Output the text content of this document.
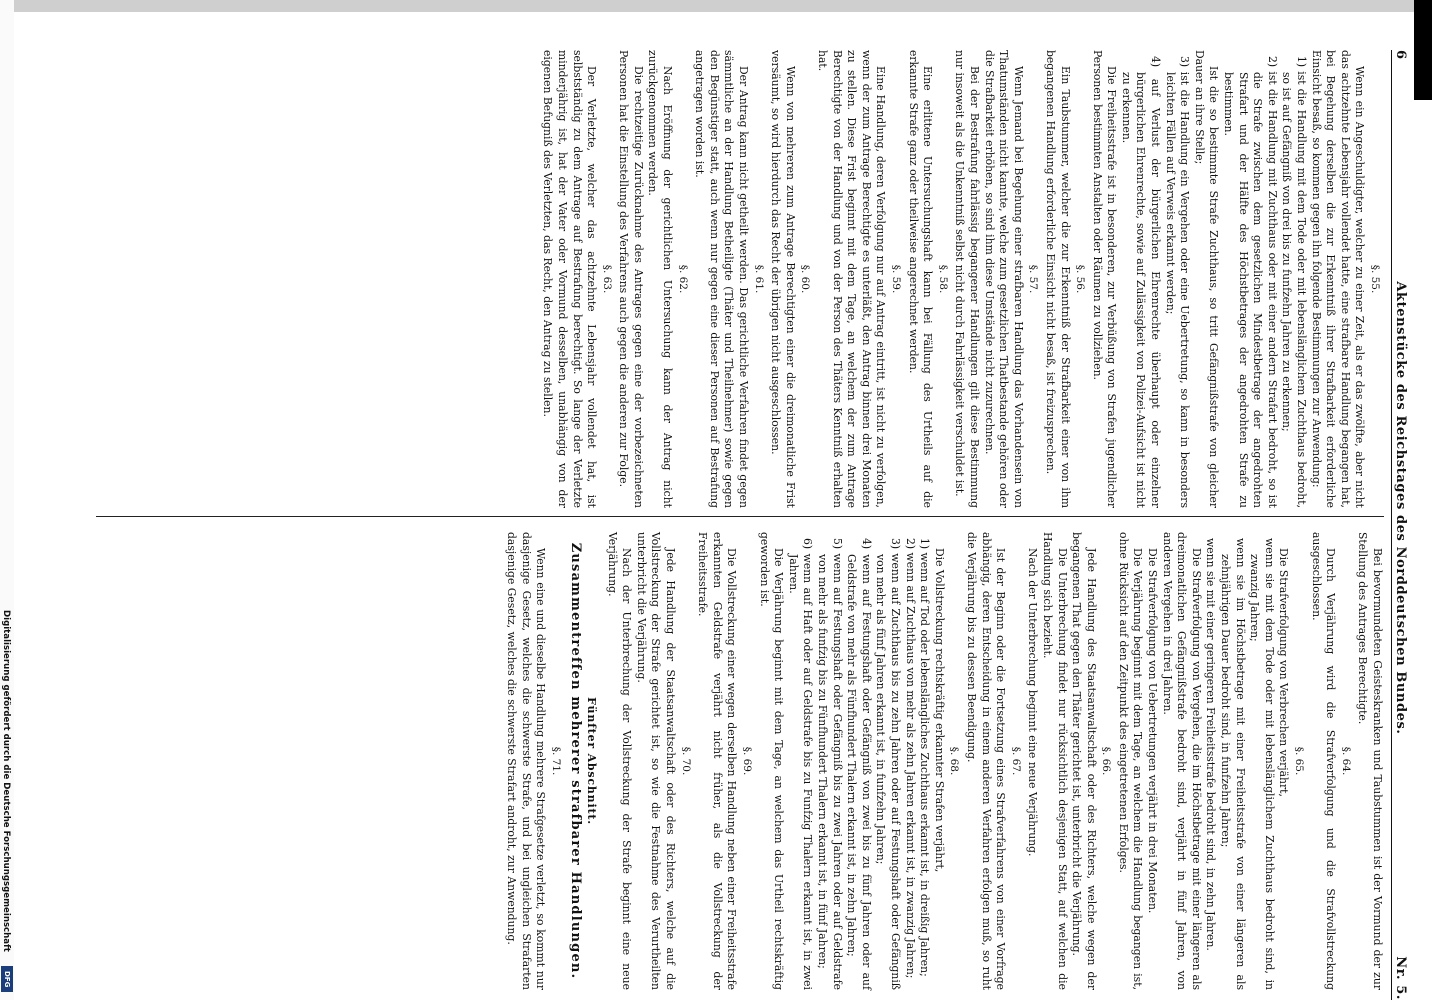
6
Aktenstücke des Reichstages des Norddeutschen Bundes.
Nr. 5.

§. 55.

Wenn ein Angeschuldigter, welcher zu einer Zeit, als er das zwölfte, aber nicht das achtzehnte Lebensjahr vollendet hatte, eine strafbare Handlung begangen hat, bei Begehung derselben die zur Erkenntniß ihrer Strafbarkeit erforderliche Einsicht besaß, so kommen gegen ihn folgende Bestimmungen zur Anwendung:

1) ist die Handlung mit dem Tode oder mit lebenslänglichem Zuchthaus bedroht, so ist auf Gefängniß von drei bis zu funfzehn Jahren zu erkennen;

2) ist die Handlung mit Zuchthaus oder mit einer andern Strafart bedroht, so ist die Strafe zwischen dem gesetzlichen Mindestbetrage der angedrohten Strafart und der Hälfte des Höchstbetrages der angedrohten Strafe zu bestimmen.

Ist die so bestimmte Strafe Zuchthaus, so tritt Gefängnißstrafe von gleicher Dauer an ihre Stelle;

3) ist die Handlung ein Vergehen oder eine Uebertretung, so kann in besonders leichten Fällen auf Verweis erkannt werden;

4) auf Verlust der bürgerlichen Ehrenrechte überhaupt oder einzelner bürgerlichen Ehrenrechte, sowie auf Zulässigkeit von Polizei-Aufsicht ist nicht zu erkennen.

Die Freiheitsstrafe ist in besonderen, zur Verbüßung von Strafen jugendlicher Personen bestimmten Anstalten oder Räumen zu vollziehen.

§. 56.

Ein Taubstummer, welcher die zur Erkenntniß der Strafbarkeit einer von ihm begangenen Handlung erforderliche Einsicht nicht besaß, ist freizusprechen.

§. 57.

Wenn Jemand bei Begehung einer strafbaren Handlung das Vorhandensein von Thatumständen nicht kannte, welche zum gesetzlichen Thatbestande gehören oder die Strafbarkeit erhöhen, so sind ihm diese Umstände nicht zuzurechnen.

Bei der Bestrafung fahrlässig begangener Handlungen gilt diese Bestimmung nur insoweit als die Unkenntniß selbst nicht durch Fahrlässigkeit verschuldet ist.

§. 58.

Eine erlittene Untersuchungshaft kann bei Fällung des Urtheils auf die erkannte Strafe ganz oder theilweise angerechnet werden.

§. 59.

Eine Handlung, deren Verfolgung nur auf Antrag eintritt, ist nicht zu verfolgen, wenn der zum Antrage Berechtigte es unterläßt, den Antrag binnen drei Monaten zu stellen. Diese Frist beginnt mit dem Tage, an welchem der zum Antrage Berechtigte von der Handlung und von der Person des Thäters Kenntniß erhalten hat.

§. 60.

Wenn von mehreren zum Antrage Berechtigten einer die dreimonatliche Frist versäumt, so wird hierdurch das Recht der übrigen nicht ausgeschlossen.

§. 61.

Der Antrag kann nicht getheilt werden. Das gerichtliche Verfahren findet gegen sämmtliche an der Handlung Betheiligte (Thäter und Theilnehmer) sowie gegen den Begünstiger statt, auch wenn nur gegen eine dieser Personen auf Bestrafung angetragen worden ist.

§. 62.

Nach Eröffnung der gerichtlichen Untersuchung kann der Antrag nicht zurückgenommen werden.

Die rechtzeitige Zurücknahme des Antrages gegen eine der vorbezeichneten Personen hat die Einstellung des Verfahrens auch gegen die anderen zur Folge.

§. 63.

Der Verletzte, welcher das achtzehnte Lebensjahr vollendet hat, ist selbstständig zu dem Antrage auf Bestrafung berechtigt. So lange der Verletzte minderjährig ist, hat der Vater oder Vormund desselben, unabhängig von der eigenen Befugniß des Verletzten, das Recht, den Antrag zu stellen.

Bei bevormundeten Geisteskranken und Taubstummen ist der Vormund der zur Stellung des Antrages Berechtigte.

§. 64.

Durch Verjährung wird die Strafverfolgung und die Strafvollstreckung ausgeschlossen.

§. 65.

Die Strafverfolgung von Verbrechen verjährt,

wenn sie mit dem Tode oder mit lebenslänglichem Zuchthaus bedroht sind, in zwanzig Jahren;

wenn sie im Höchstbetrage mit einer Freiheitsstrafe von einer längeren als zehnjährigen Dauer bedroht sind, in funfzehn Jahren;

wenn sie mit einer geringeren Freiheitsstrafe bedroht sind, in zehn Jahren.

Die Strafverfolgung von Vergehen, die im Höchstbetrage mit einer längeren als dreimonatlichen Gefängnißstrafe bedroht sind, verjährt in fünf Jahren, von anderen Vergehen in drei Jahren.

Die Strafverfolgung von Uebertretungen verjährt in drei Monaten.

Die Verjährung beginnt mit dem Tage, an welchem die Handlung begangen ist, ohne Rücksicht auf den Zeitpunkt des eingetretenen Erfolges.

§. 66.

Jede Handlung des Staatsanwaltschaft oder des Richters, welche wegen der begangenen That gegen den Thäter gerichtet ist, unterbricht die Verjährung.

Die Unterbrechung findet nur rücksichtlich desjenigen Statt, auf welchen die Handlung sich bezieht.

Nach der Unterbrechung beginnt eine neue Verjährung.

§. 67.

Ist der Beginn oder die Fortsetzung eines Strafverfahrens von einer Vorfrage abhängig, deren Entscheidung in einem anderen Verfahren erfolgen muß, so ruht die Verjährung bis zu dessen Beendigung.

§. 68.

Die Vollstreckung rechtskräftig erkannter Strafen verjährt,

1) wenn auf Tod oder lebenslängliches Zuchthaus erkannt ist, in dreißig Jahren;

2) wenn auf Zuchthaus von mehr als zehn Jahren erkannt ist, in zwanzig Jahren;

3) wenn auf Zuchthaus bis zu zehn Jahren oder auf Festungshaft oder Gefängniß von mehr als fünf Jahren erkannt ist, in funfzehn Jahren;

4) wenn auf Festungshaft oder Gefängniß von zwei bis zu fünf Jahren oder auf Geldstrafe von mehr als Fünfhundert Thalern erkannt ist, in zehn Jahren;

5) wenn auf Festungshaft oder Gefängniß bis zu zwei Jahren oder auf Geldstrafe von mehr als funfzig bis zu Fünfhundert Thalern erkannt ist, in fünf Jahren;

6) wenn auf Haft oder auf Geldstrafe bis zu Funfzig Thalern erkannt ist, in zwei Jahren.

Die Verjährung beginnt mit dem Tage, an welchem das Urtheil rechtskräftig geworden ist.

§. 69.

Die Vollstreckung einer wegen derselben Handlung neben einer Freiheitsstrafe erkannten Geldstrafe verjährt nicht früher, als die Vollstreckung der Freiheitsstrafe.

§. 70.

Jede Handlung der Staatsanwaltschaft oder des Richters, welche auf die Vollstreckung der Strafe gerichtet ist, so wie die Festnahme des Verurtheilten unterbricht die Verjährung.

Nach der Unterbrechung der Vollstreckung der Strafe beginnt eine neue Verjährung.

Fünfter Abschnitt.

Zusammentreffen mehrerer strafbarer Handlungen.

§. 71.

Wenn eine und dieselbe Handlung mehrere Strafgesetze verletzt, so kommt nur dasjenige Gesetz, welches die schwerste Strafe, und bei ungleichen Strafarten dasjenige Gesetz, welches die schwerste Strafart androht, zur Anwendung.

Digitalisierung gefördert durch die Deutsche Forschungsgemeinschaft
DFG
